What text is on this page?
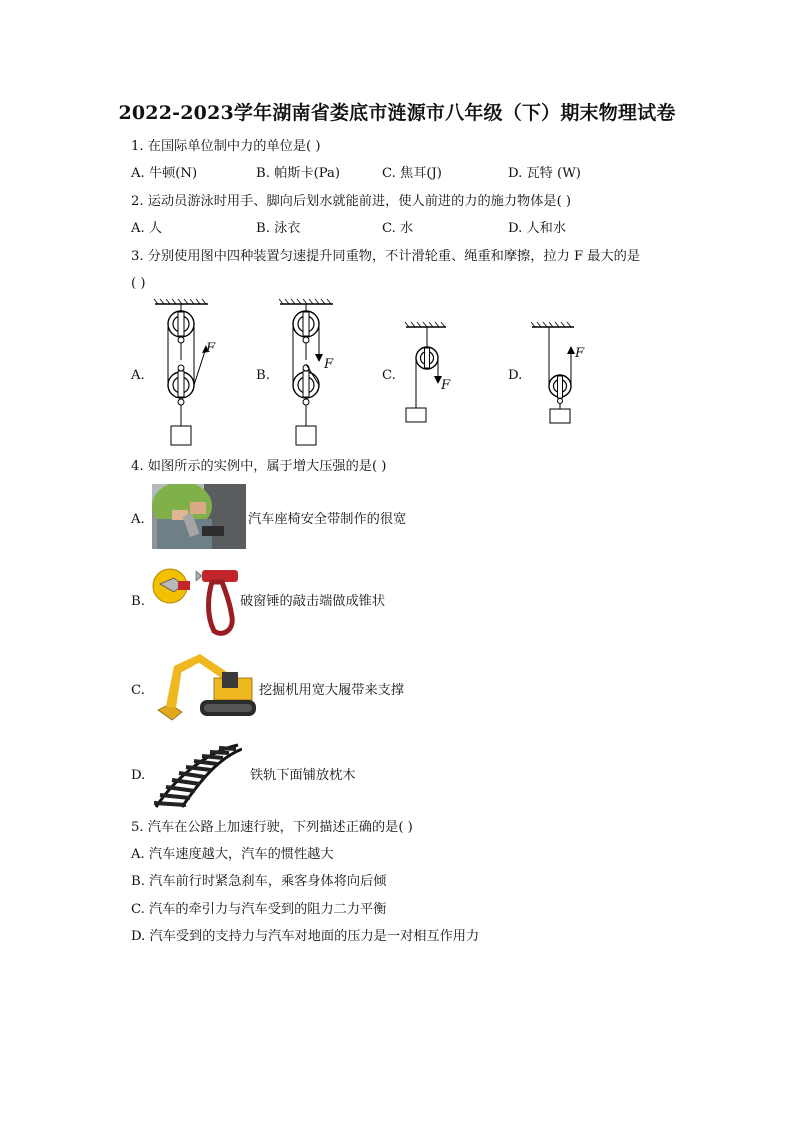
2022-2023学年湖南省娄底市涟源市八年级（下）期末物理试卷
1. 在国际单位制中力的单位是( )
A. 牛顿(N)	B. 帕斯卡(Pa)	C. 焦耳(J)	D. 瓦特 (W)
2. 运动员游泳时用手、脚向后划水就能前进，使人前进的力的施力物体是( )
A. 人	B. 泳衣	C. 水	D. 人和水
3. 分别使用图中四种装置匀速提升同重物，不计滑轮重、绳重和摩擦，拉力 F 最大的是
( )
A.	B.	C.	D.
F
F
F
F
4. 如图所示的实例中，属于增大压强的是( )
A.	汽车座椅安全带制作的很宽
B.	破窗锤的敲击端做成锥状
C.	挖掘机用宽大履带来支撑
D.	铁轨下面铺放枕木
5. 汽车在公路上加速行驶，下列描述正确的是( )
A. 汽车速度越大，汽车的惯性越大
B. 汽车前行时紧急刹车，乘客身体将向后倾
C. 汽车的牵引力与汽车受到的阻力二力平衡
D. 汽车受到的支持力与汽车对地面的压力是一对相互作用力
